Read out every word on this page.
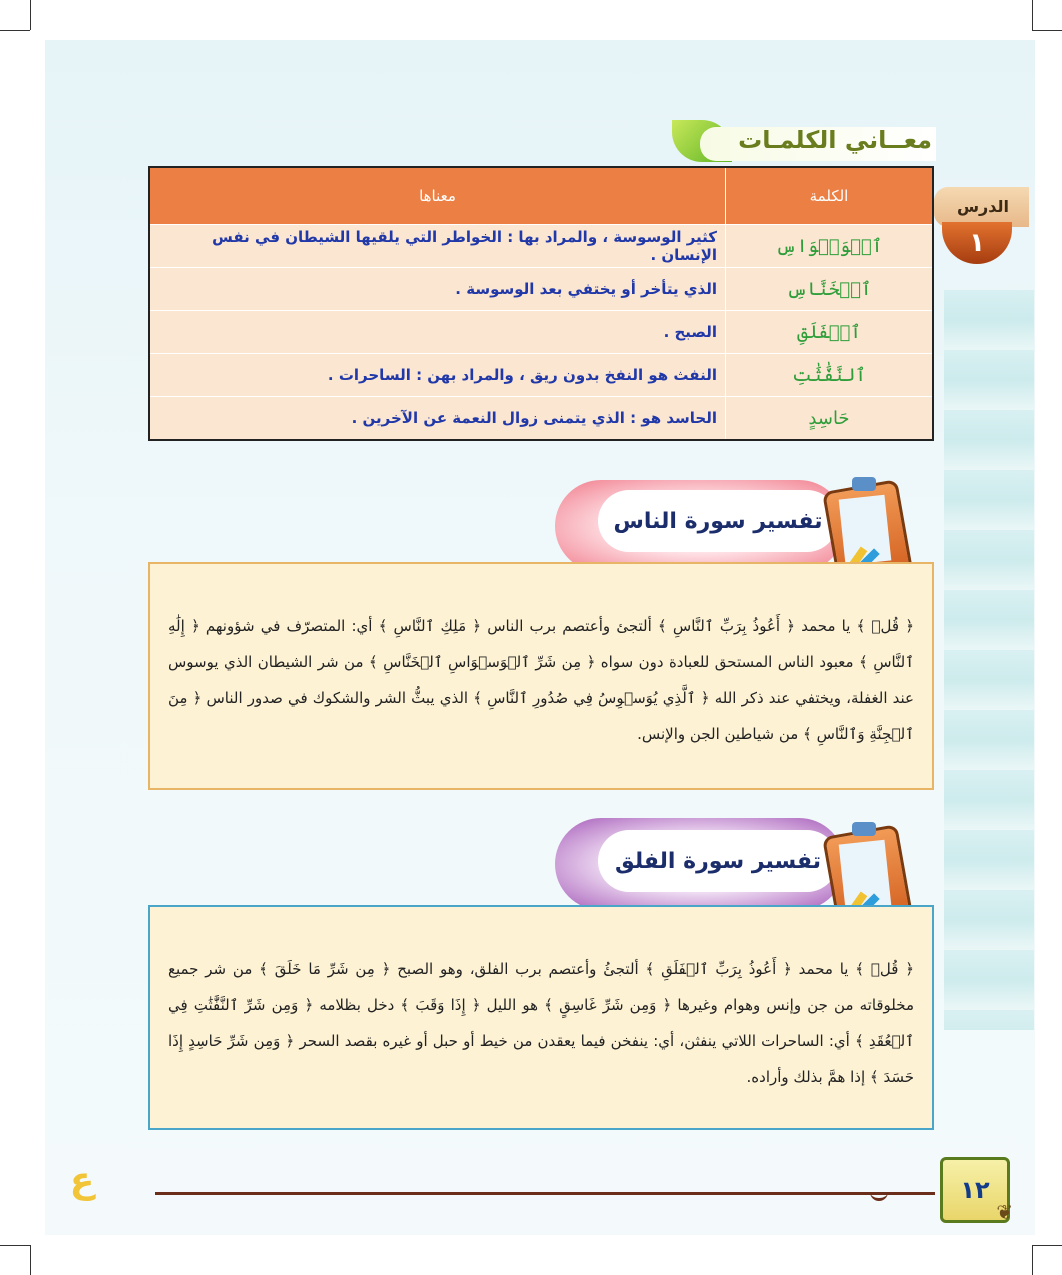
معــاني الكلمـات
الدرس
١
الكلمة	معناها
ٱلۡوَسۡوَاسِ	كثير الوسوسة ، والمراد بها : الخواطر التي يلقيها الشيطان في نفس الإنسان .
ٱلۡخَنَّاسِ	الذي يتأخر أو يختفي بعد الوسوسة .
ٱلۡفَلَقِ	الصبح .
ٱلنَّفَّٰثَٰتِ	النفث هو النفخ بدون ريق ، والمراد بهن : الساحرات .
حَاسِدٍ	الحاسد هو : الذي يتمنى زوال النعمة عن الآخرين .
تفسير سورة الناس

﴿ قُلۡ ﴾ يا محمد ﴿ أَعُوذُ بِرَبِّ ٱلنَّاسِ ﴾ ألتجئ وأعتصم برب الناس ﴿ مَلِكِ ٱلنَّاسِ ﴾ أي: المتصرّف في شؤونهم ﴿ إِلَٰهِ ٱلنَّاسِ ﴾ معبود الناس المستحق للعبادة دون سواه ﴿ مِن شَرِّ ٱلۡوَسۡوَاسِ ٱلۡخَنَّاسِ ﴾ من شر الشيطان الذي يوسوس عند الغفلة، ويختفي عند ذكر الله ﴿ ٱلَّذِي يُوَسۡوِسُ فِي صُدُورِ ٱلنَّاسِ ﴾ الذي يبثُّ الشر والشكوك في صدور الناس ﴿ مِنَ ٱلۡجِنَّةِ وَٱلنَّاسِ ﴾ من شياطين الجن والإنس.

تفسير سورة الفلق

﴿ قُلۡ ﴾ يا محمد ﴿ أَعُوذُ بِرَبِّ ٱلۡفَلَقِ ﴾ ألتجئُ وأعتصم برب الفلق، وهو الصبح ﴿ مِن شَرِّ مَا خَلَقَ ﴾ من شر جميع مخلوقاته من جن وإنس وهوام وغيرها ﴿ وَمِن شَرِّ غَاسِقٍ ﴾ هو الليل ﴿ إِذَا وَقَبَ ﴾ دخل بظلامه ﴿ وَمِن شَرِّ ٱلنَّفَّٰثَٰتِ فِي ٱلۡعُقَدِ ﴾ أي: الساحرات اللاتي ينفثن، أي: ينفخن فيما يعقدن من خيط أو حبل أو غيره بقصد السحر ﴿ وَمِن شَرِّ حَاسِدٍ إِذَا حَسَدَ ﴾ إذا همَّ بذلك وأراده.

ع	١٢
❦
